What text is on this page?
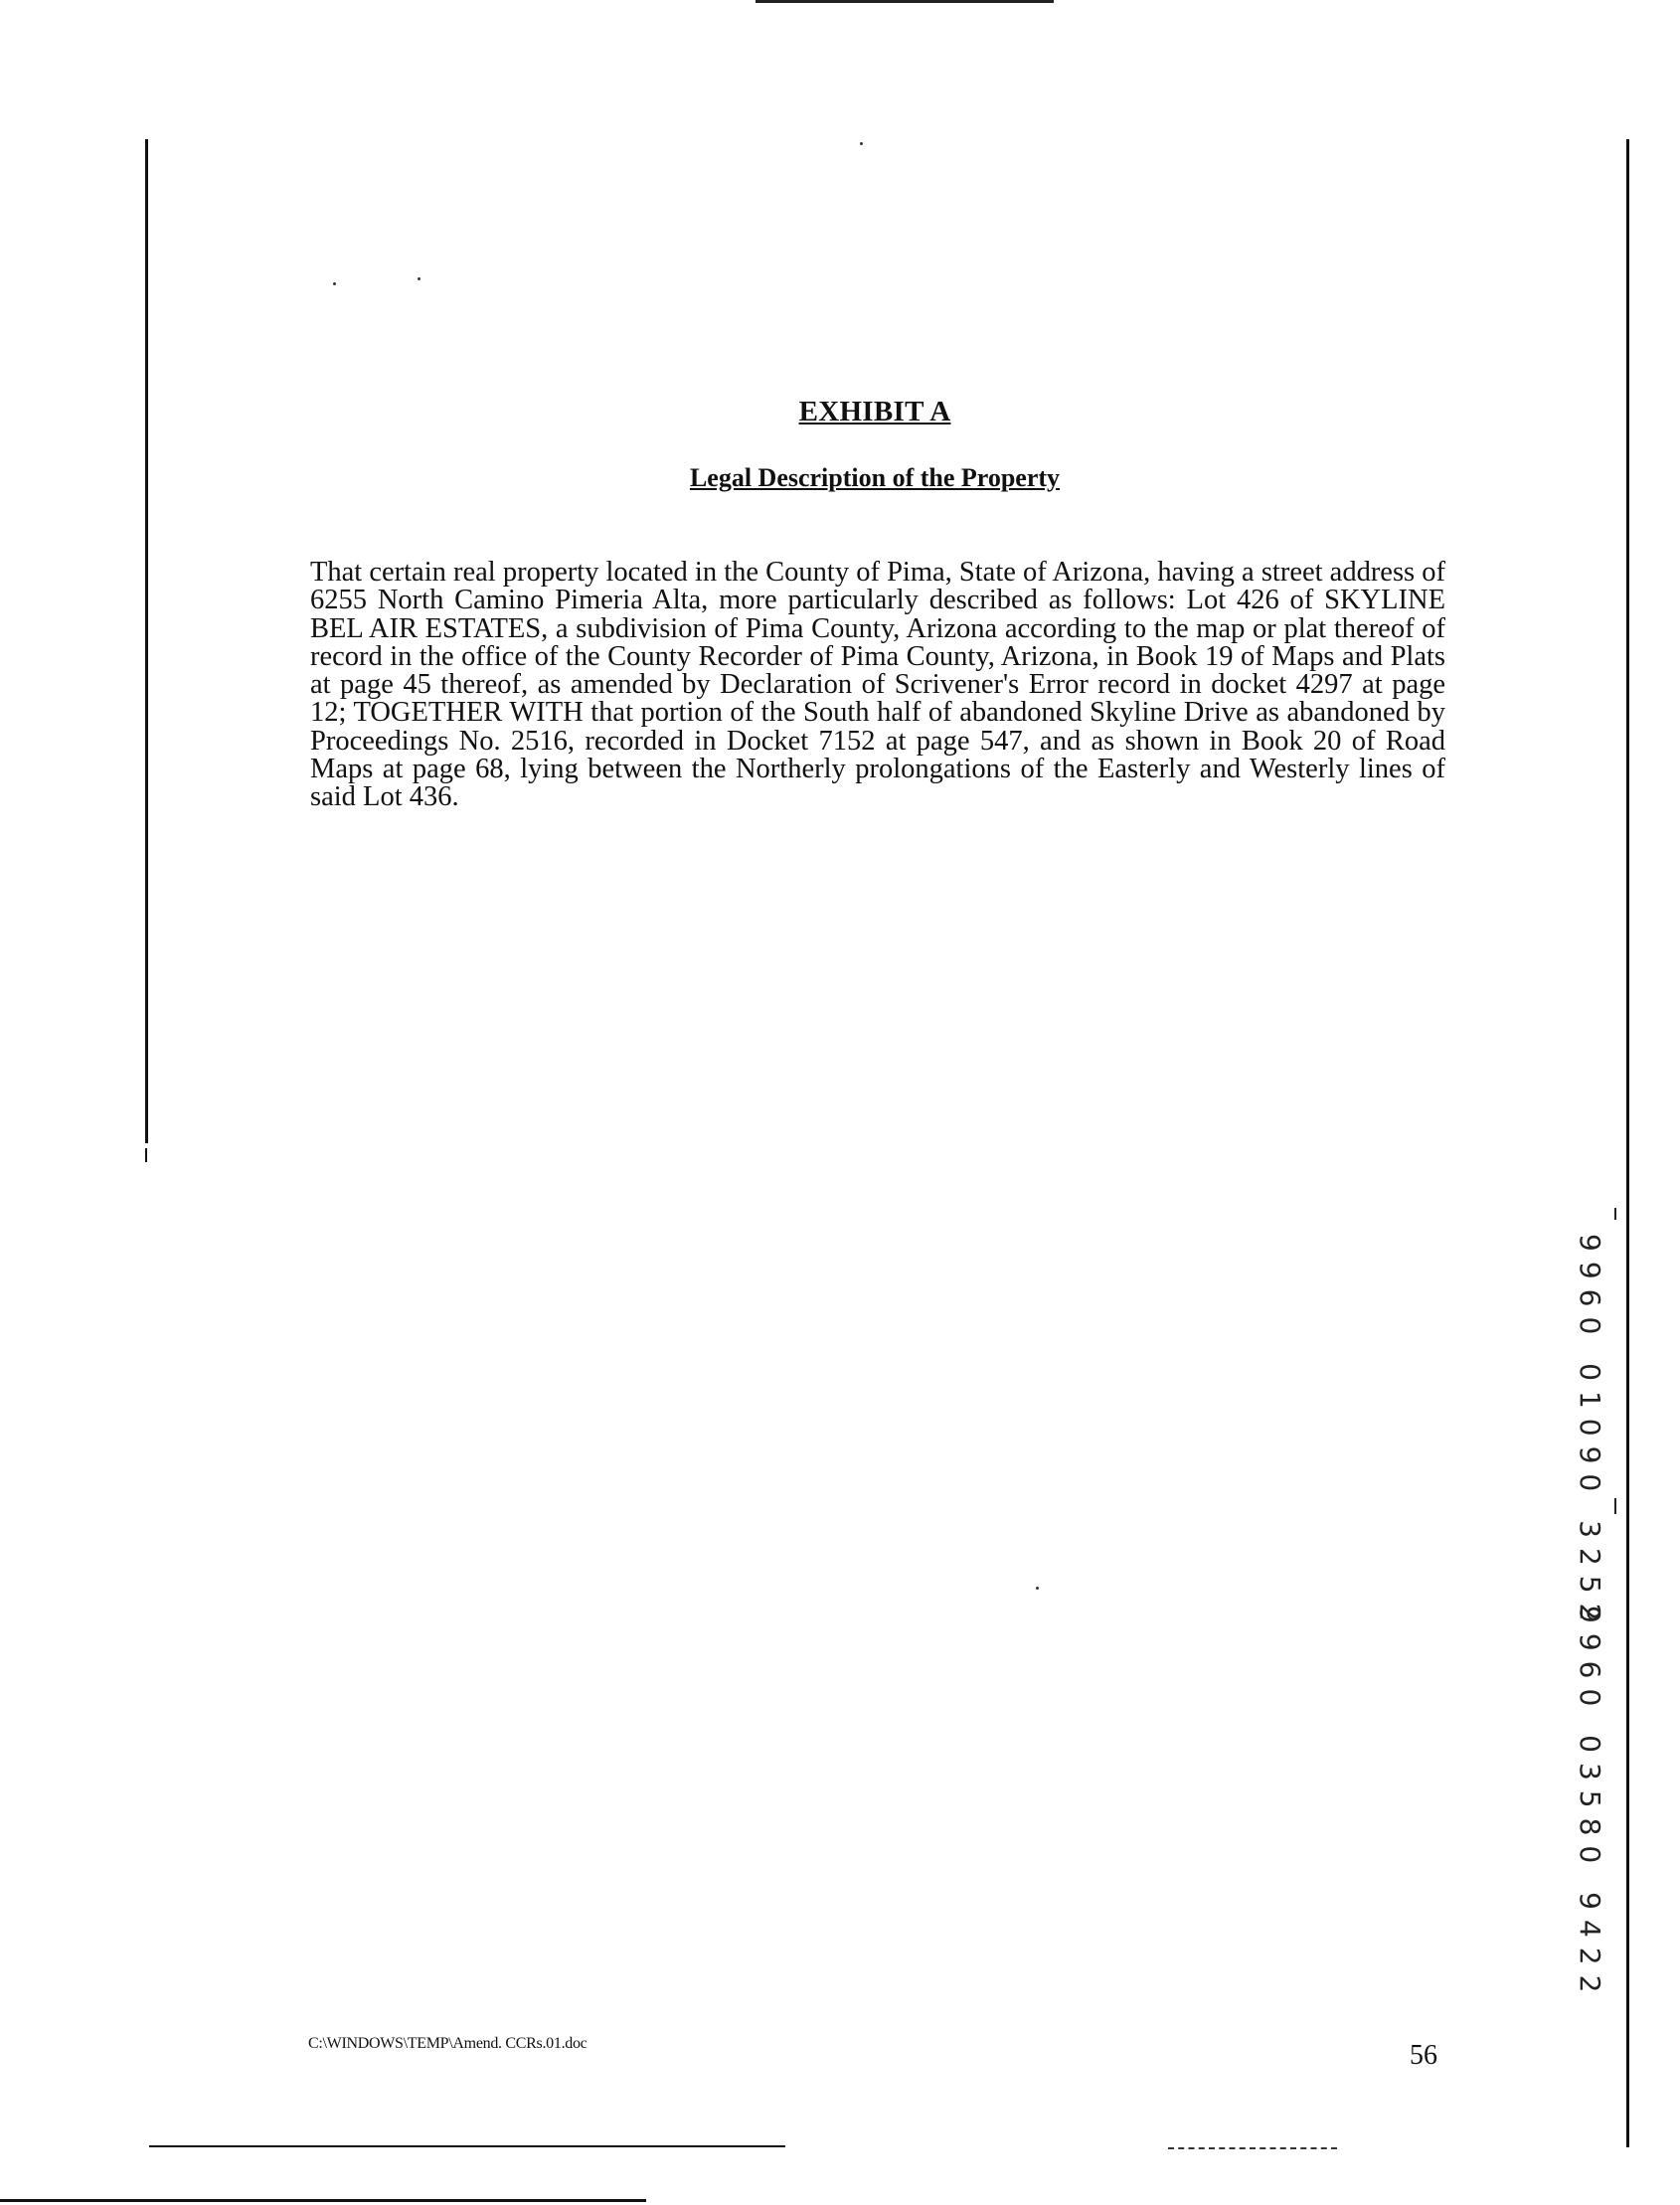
EXHIBIT A
Legal Description of the Property
That certain real property located in the County of Pima, State of Arizona, having a street address of 6255 North Camino Pimeria Alta, more particularly described as follows: Lot 426 of SKYLINE BEL AIR ESTATES, a subdivision of Pima County, Arizona according to the map or plat thereof of record in the office of the County Recorder of Pima County, Arizona, in Book 19 of Maps and Plats at page 45 thereof, as amended by Declaration of Scrivener's Error record in docket 4297 at page 12; TOGETHER WITH that portion of the South half of abandoned Skyline Drive as abandoned by Proceedings No. 2516, recorded in Docket 7152 at page 547, and as shown in Book 20 of Road Maps at page 68, lying between the Northerly prolongations of the Easterly and Westerly lines of said Lot 436.
C:\WINDOWS\TEMP\Amend. CCRs.01.doc	56
9960 01090 3252
9960 03580 9422
